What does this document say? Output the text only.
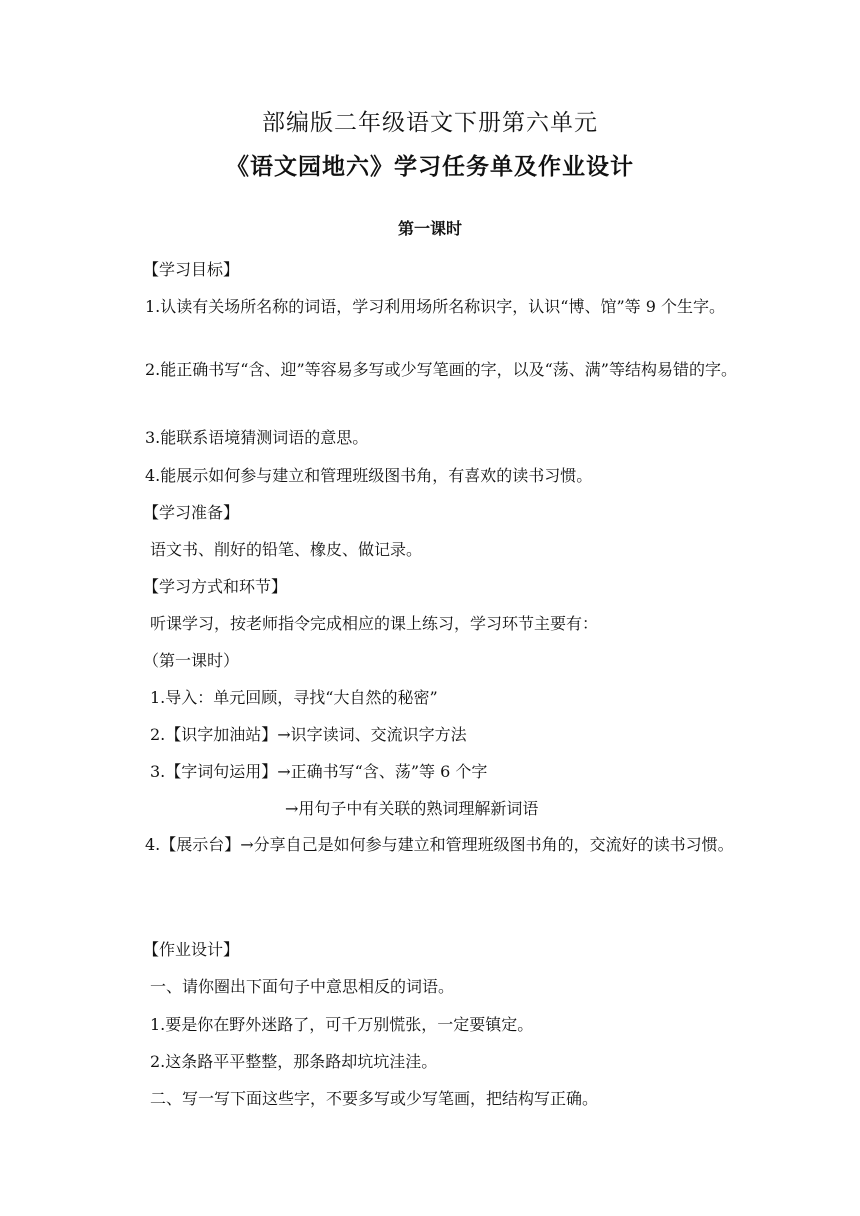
部编版二年级语文下册第六单元
《语文园地六》学习任务单及作业设计
第一课时
【学习目标】
1.认读有关场所名称的词语，学习利用场所名称识字，认识“博、馆”等 9 个生字。
2.能正确书写“含、迎”等容易多写或少写笔画的字，以及“荡、满”等结构易错的字。
3.能联系语境猜测词语的意思。
4.能展示如何参与建立和管理班级图书角，有喜欢的读书习惯。
【学习准备】
语文书、削好的铅笔、橡皮、做记录。
【学习方式和环节】
听课学习，按老师指令完成相应的课上练习，学习环节主要有：
（第一课时）
1.导入：单元回顾，寻找“大自然的秘密”
2.【识字加油站】→识字读词、交流识字方法
3.【字词句运用】→正确书写“含、荡”等 6 个字
→用句子中有关联的熟词理解新词语
4.【展示台】→分享自己是如何参与建立和管理班级图书角的，交流好的读书习惯。
【作业设计】
一、请你圈出下面句子中意思相反的词语。
1.要是你在野外迷路了，可千万别慌张，一定要镇定。
2.这条路平平整整，那条路却坑坑洼洼。
二、写一写下面这些字，不要多写或少写笔画，把结构写正确。
